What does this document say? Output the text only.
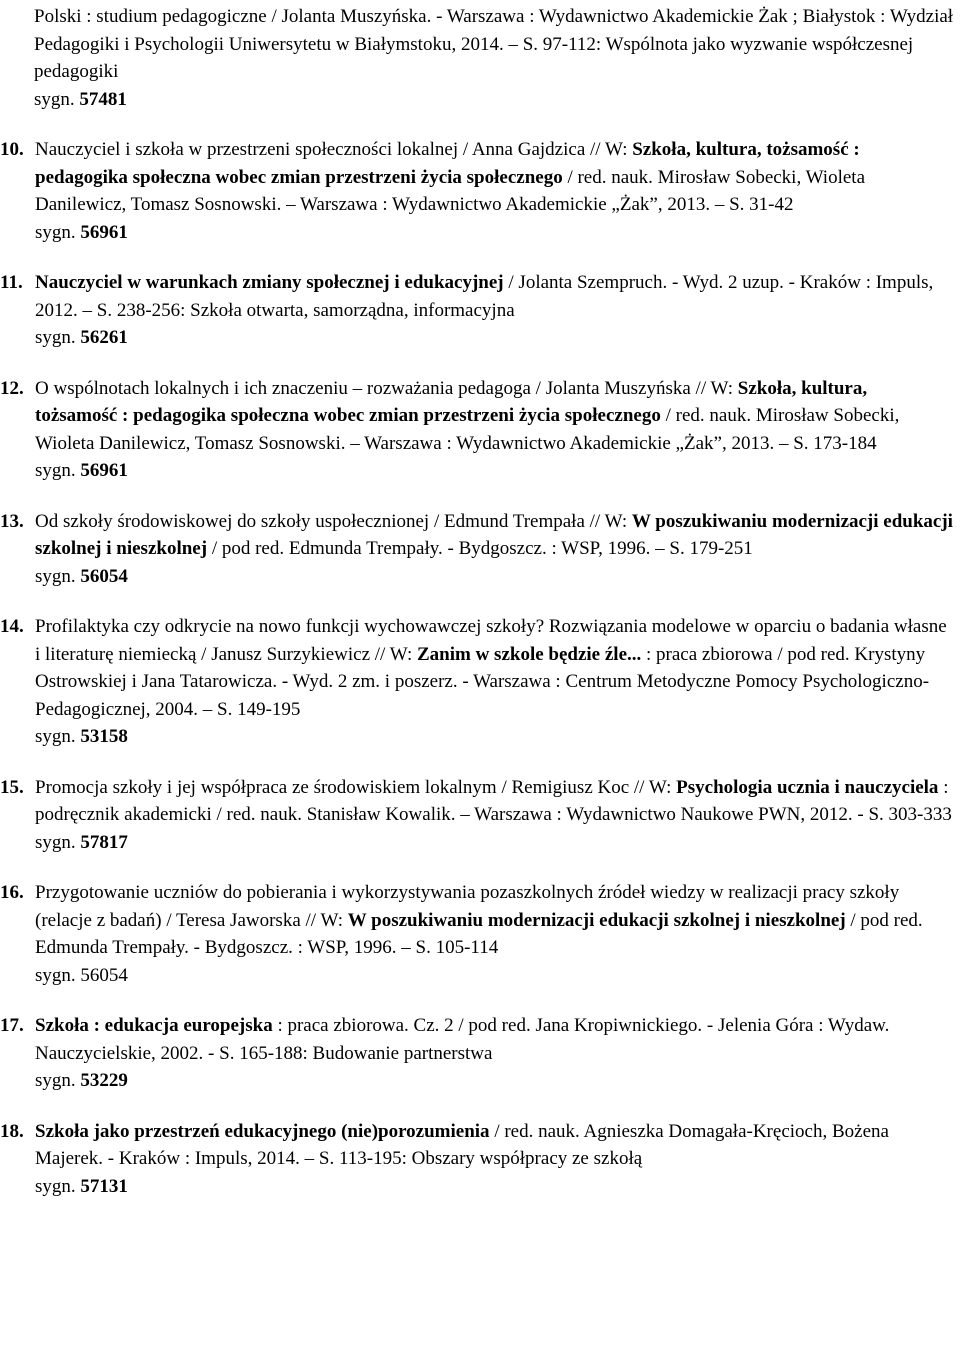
Polski : studium pedagogiczne / Jolanta Muszyńska. - Warszawa : Wydawnictwo Akademickie Żak ; Białystok : Wydział Pedagogiki i Psychologii Uniwersytetu w Białymstoku, 2014. – S. 97-112: Wspólnota jako wyzwanie współczesnej pedagogiki
sygn. 57481
10. Nauczyciel i szkoła w przestrzeni społeczności lokalnej / Anna Gajdzica // W: Szkoła, kultura, tożsamość : pedagogika społeczna wobec zmian przestrzeni życia społecznego / red. nauk. Mirosław Sobecki, Wioleta Danilewicz, Tomasz Sosnowski. – Warszawa : Wydawnictwo Akademickie „Żak”, 2013. – S. 31-42
sygn. 56961
11. Nauczyciel w warunkach zmiany społecznej i edukacyjnej / Jolanta Szempruch. - Wyd. 2 uzup. - Kraków : Impuls, 2012. – S. 238-256: Szkoła otwarta, samorządna, informacyjna
sygn. 56261
12. O wspólnotach lokalnych i ich znaczeniu – rozważania pedagoga / Jolanta Muszyńska // W: Szkoła, kultura, tożsamość : pedagogika społeczna wobec zmian przestrzeni życia społecznego / red. nauk. Mirosław Sobecki, Wioleta Danilewicz, Tomasz Sosnowski. – Warszawa : Wydawnictwo Akademickie „Żak”, 2013. – S. 173-184
sygn. 56961
13. Od szkoły środowiskowej do szkoły uspołecznionej / Edmund Trempała // W: W poszukiwaniu modernizacji edukacji szkolnej i nieszkolnej / pod red. Edmunda Trempały. - Bydgoszcz. : WSP, 1996. – S. 179-251
sygn. 56054
14. Profilaktyka czy odkrycie na nowo funkcji wychowawczej szkoły? Rozwiązania modelowe w oparciu o badania własne i literaturę niemiecką / Janusz Surzykiewicz // W: Zanim w szkole będzie źle... : praca zbiorowa / pod red. Krystyny Ostrowskiej i Jana Tatarowicza. - Wyd. 2 zm. i poszerz. - Warszawa : Centrum Metodyczne Pomocy Psychologiczno-Pedagogicznej, 2004. – S. 149-195
sygn. 53158
15. Promocja szkoły i jej współpraca ze środowiskiem lokalnym / Remigiusz Koc // W: Psychologia ucznia i nauczyciela : podręcznik akademicki / red. nauk. Stanisław Kowalik. – Warszawa : Wydawnictwo Naukowe PWN, 2012. - S. 303-333
sygn. 57817
16. Przygotowanie uczniów do pobierania i wykorzystywania pozaszkolnych źródeł wiedzy w realizacji pracy szkoły (relacje z badań) / Teresa Jaworska // W: W poszukiwaniu modernizacji edukacji szkolnej i nieszkolnej / pod red. Edmunda Trempały. - Bydgoszcz. : WSP, 1996. – S. 105-114
sygn. 56054
17. Szkoła : edukacja europejska : praca zbiorowa. Cz. 2 / pod red. Jana Kropiwnickiego. - Jelenia Góra : Wydaw. Nauczycielskie, 2002. - S. 165-188: Budowanie partnerstwa
sygn. 53229
18. Szkoła jako przestrzeń edukacyjnego (nie)porozumienia / red. nauk. Agnieszka Domagała-Kręcioch, Bożena Majerek. - Kraków : Impuls, 2014. – S. 113-195: Obszary współpracy ze szkołą
sygn. 57131
